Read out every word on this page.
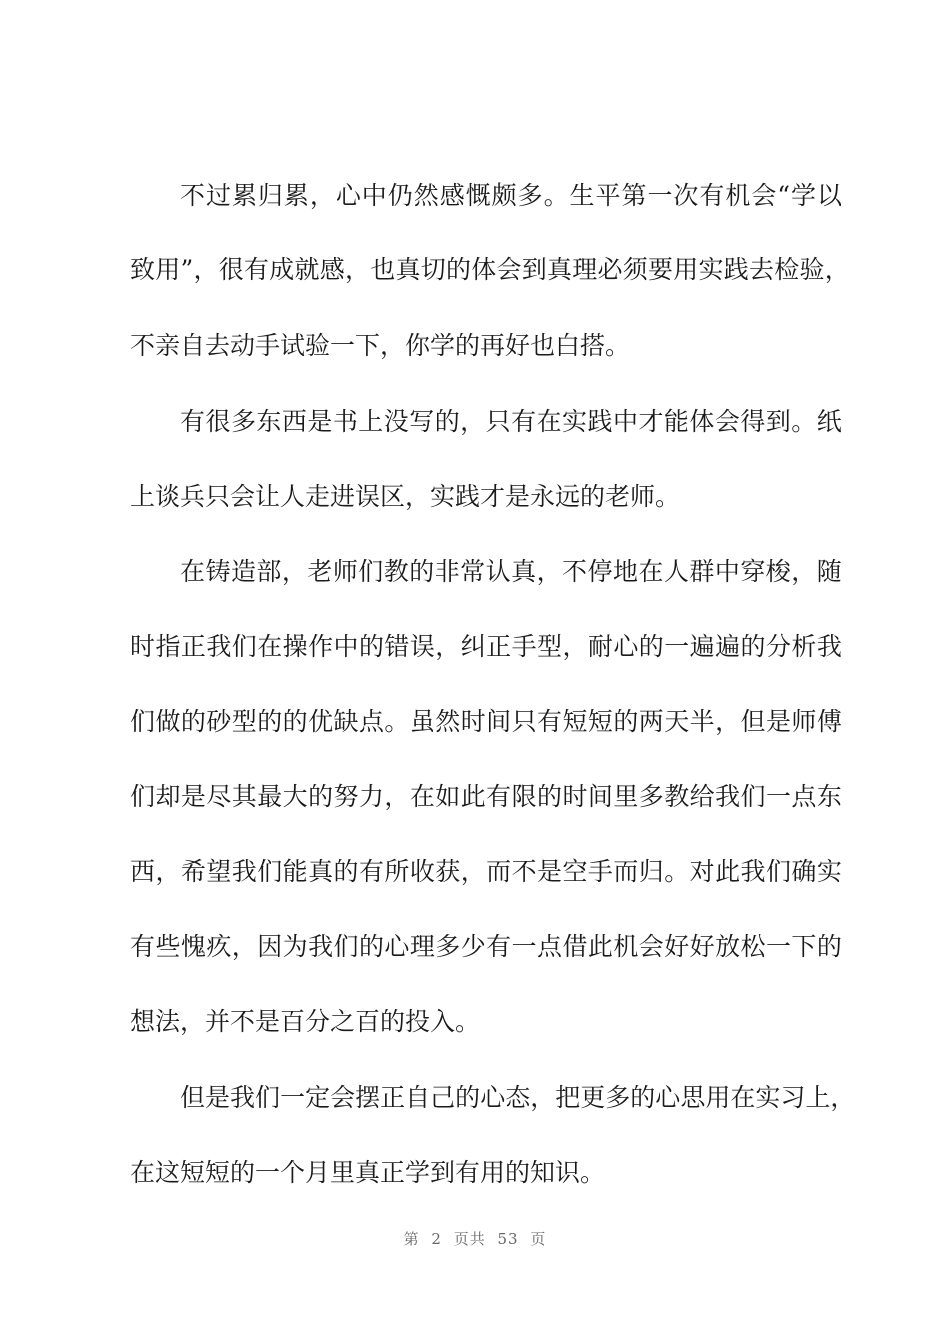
不 过 累 归 累 ， 心 中 仍 然 感 慨 颇 多 。 生 平 第 一 次 有 机 会 “ 学 以
致 用 ” ， 很 有 成 就 感 ， 也 真 切 的 体 会 到 真 理 必 须 要 用 实 践 去 检 验 ，
不亲自去动手试验一下，你学的再好也白搭。
有 很 多 东 西 是 书 上 没 写 的 ， 只 有 在 实 践 中 才 能 体 会 得 到 。 纸
上谈兵只会让人走进误区，实践才是永远的老师。
在 铸 造 部 ， 老 师 们 教 的 非 常 认 真 ， 不 停 地 在 人 群 中 穿 梭 ， 随
时 指 正 我 们 在 操 作 中 的 错 误 ， 纠 正 手 型 ， 耐 心 的 一 遍 遍 的 分 析 我
们 做 的 砂 型 的 的 优 缺 点 。 虽 然 时 间 只 有 短 短 的 两 天 半 ， 但 是 师 傅
们 却 是 尽 其 最 大 的 努 力 ， 在 如 此 有 限 的 时 间 里 多 教 给 我 们 一 点 东
西 ， 希 望 我 们 能 真 的 有 所 收 获 ， 而 不 是 空 手 而 归 。 对 此 我 们 确 实
有 些 愧 疚 ， 因 为 我 们 的 心 理 多 少 有 一 点 借 此 机 会 好 好 放 松 一 下 的
想法，并不是百分之百的投入。
但 是 我 们 一 定 会 摆 正 自 己 的 心 态 ， 把 更 多 的 心 思 用 在 实 习 上 ，
在这短短的一个月里真正学到有用的知识。
第 2 页共 53 页
